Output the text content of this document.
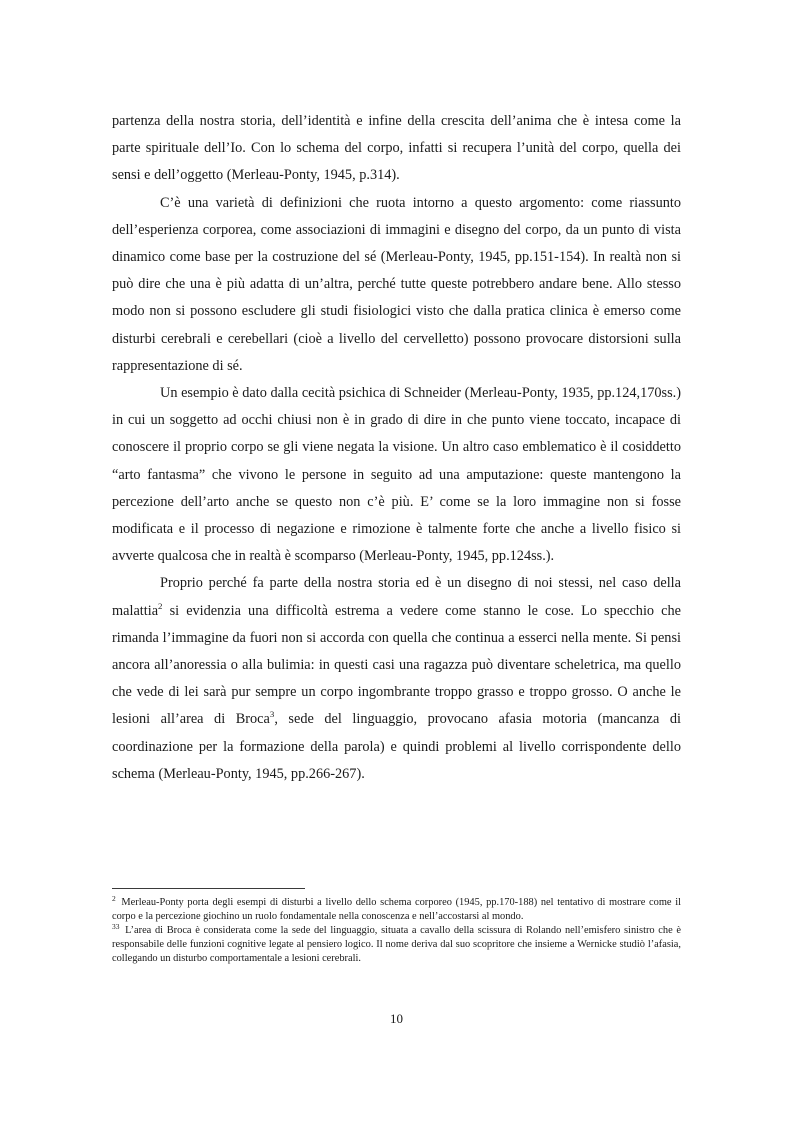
partenza della nostra storia, dell’identità e infine della crescita dell’anima che è intesa come la parte spirituale dell’Io. Con lo schema del corpo, infatti si recupera l’unità del corpo, quella dei sensi e dell’oggetto (Merleau-Ponty, 1945, p.314).

C’è una varietà di definizioni che ruota intorno a questo argomento: come riassunto dell’esperienza corporea, come associazioni di immagini e disegno del corpo, da un punto di vista dinamico come base per la costruzione del sé (Merleau-Ponty, 1945, pp.151-154). In realtà non si può dire che una è più adatta di un’altra, perché tutte queste potrebbero andare bene. Allo stesso modo non si possono escludere gli studi fisiologici visto che dalla pratica clinica è emerso come disturbi cerebrali e cerebellari (cioè a livello del cervelletto) possono provocare distorsioni sulla rappresentazione di sé.

Un esempio è dato dalla cecità psichica di Schneider (Merleau-Ponty, 1935, pp.124,170ss.) in cui un soggetto ad occhi chiusi non è in grado di dire in che punto viene toccato, incapace di conoscere il proprio corpo se gli viene negata la visione. Un altro caso emblematico è il cosiddetto “arto fantasma” che vivono le persone in seguito ad una amputazione: queste mantengono la percezione dell’arto anche se questo non c’è più. E’ come se la loro immagine non si fosse modificata e il processo di negazione e rimozione è talmente forte che anche a livello fisico si avverte qualcosa che in realtà è scomparso (Merleau-Ponty, 1945, pp.124ss.).

Proprio perché fa parte della nostra storia ed è un disegno di noi stessi, nel caso della malattia$^2$ si evidenzia una difficoltà estrema a vedere come stanno le cose. Lo specchio che rimanda l’immagine da fuori non si accorda con quella che continua a esserci nella mente. Si pensi ancora all’anoressia o alla bulimia: in questi casi una ragazza può diventare scheletrica, ma quello che vede di lei sarà pur sempre un corpo ingombrante troppo grasso e troppo grosso. O anche le lesioni all’area di Broca$^3$, sede del linguaggio, provocano afasia motoria (mancanza di coordinazione per la formazione della parola) e quindi problemi al livello corrispondente dello schema (Merleau-Ponty, 1945, pp.266-267).

$^2$ Merleau-Ponty porta degli esempi di disturbi a livello dello schema corporeo (1945, pp.170-188) nel tentativo di mostrare come il corpo e la percezione giochino un ruolo fondamentale nella conoscenza e nell’accostarsi al mondo.

$^{33}$ L’area di Broca è considerata come la sede del linguaggio, situata a cavallo della scissura di Rolando nell’emisfero sinistro che è responsabile delle funzioni cognitive legate al pensiero logico. Il nome deriva dal suo scopritore che insieme a Wernicke studiò l’afasia, collegando un disturbo comportamentale a lesioni cerebrali.

10
